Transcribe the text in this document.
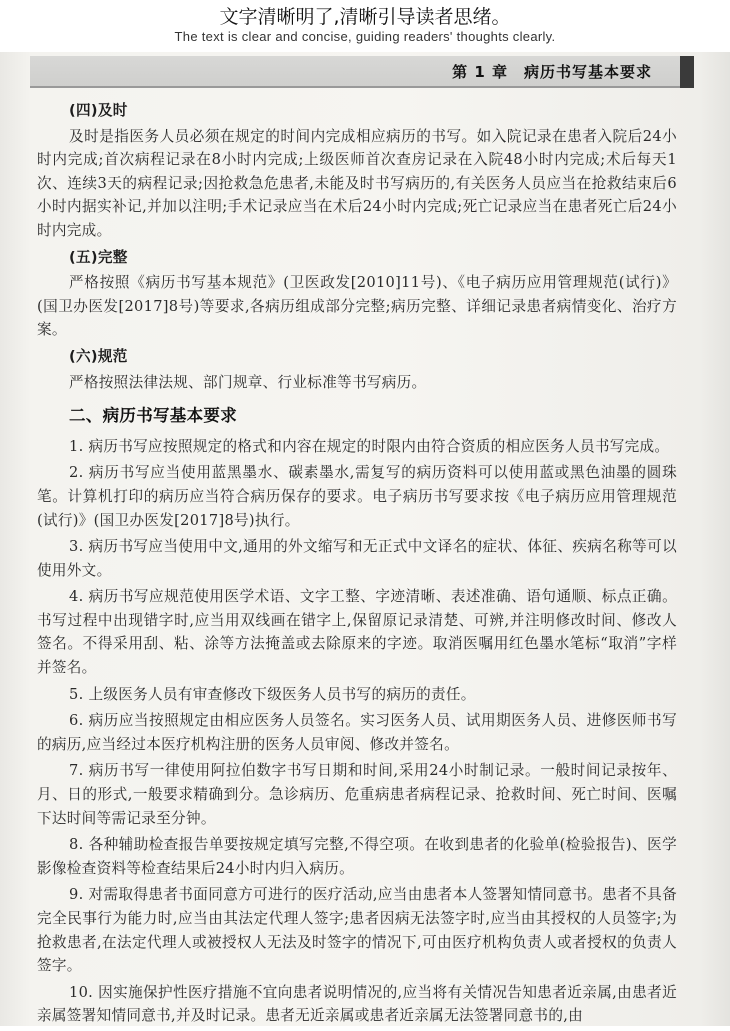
文字清晰明了,清晰引导读者思绪。
The text is clear and concise, guiding readers' thoughts clearly.
第 1 章　病历书写基本要求
(四)及时

及时是指医务人员必须在规定的时间内完成相应病历的书写。如入院记录在患者入院后24小时内完成;首次病程记录在8小时内完成;上级医师首次查房记录在入院48小时内完成;术后每天1次、连续3天的病程记录;因抢救急危患者,未能及时书写病历的,有关医务人员应当在抢救结束后6小时内据实补记,并加以注明;手术记录应当在术后24小时内完成;死亡记录应当在患者死亡后24小时内完成。

(五)完整

严格按照《病历书写基本规范》(卫医政发[2010]11号)、《电子病历应用管理规范(试行)》(国卫办医发[2017]8号)等要求,各病历组成部分完整;病历完整、详细记录患者病情变化、治疗方案。

(六)规范

严格按照法律法规、部门规章、行业标准等书写病历。

二、病历书写基本要求

1. 病历书写应按照规定的格式和内容在规定的时限内由符合资质的相应医务人员书写完成。

2. 病历书写应当使用蓝黑墨水、碳素墨水,需复写的病历资料可以使用蓝或黑色油墨的圆珠笔。计算机打印的病历应当符合病历保存的要求。电子病历书写要求按《电子病历应用管理规范(试行)》(国卫办医发[2017]8号)执行。

3. 病历书写应当使用中文,通用的外文缩写和无正式中文译名的症状、体征、疾病名称等可以使用外文。

4. 病历书写应规范使用医学术语、文字工整、字迹清晰、表述准确、语句通顺、标点正确。书写过程中出现错字时,应当用双线画在错字上,保留原记录清楚、可辨,并注明修改时间、修改人签名。不得采用刮、粘、涂等方法掩盖或去除原来的字迹。取消医嘱用红色墨水笔标“取消”字样并签名。

5. 上级医务人员有审查修改下级医务人员书写的病历的责任。

6. 病历应当按照规定由相应医务人员签名。实习医务人员、试用期医务人员、进修医师书写的病历,应当经过本医疗机构注册的医务人员审阅、修改并签名。

7. 病历书写一律使用阿拉伯数字书写日期和时间,采用24小时制记录。一般时间记录按年、月、日的形式,一般要求精确到分。急诊病历、危重病患者病程记录、抢救时间、死亡时间、医嘱下达时间等需记录至分钟。

8. 各种辅助检查报告单要按规定填写完整,不得空项。在收到患者的化验单(检验报告)、医学影像检查资料等检查结果后24小时内归入病历。

9. 对需取得患者书面同意方可进行的医疗活动,应当由患者本人签署知情同意书。患者不具备完全民事行为能力时,应当由其法定代理人签字;患者因病无法签字时,应当由其授权的人员签字;为抢救患者,在法定代理人或被授权人无法及时签字的情况下,可由医疗机构负责人或者授权的负责人签字。

10. 因实施保护性医疗措施不宜向患者说明情况的,应当将有关情况告知患者近亲属,由患者近亲属签署知情同意书,并及时记录。患者无近亲属或患者近亲属无法签署同意书的,由
